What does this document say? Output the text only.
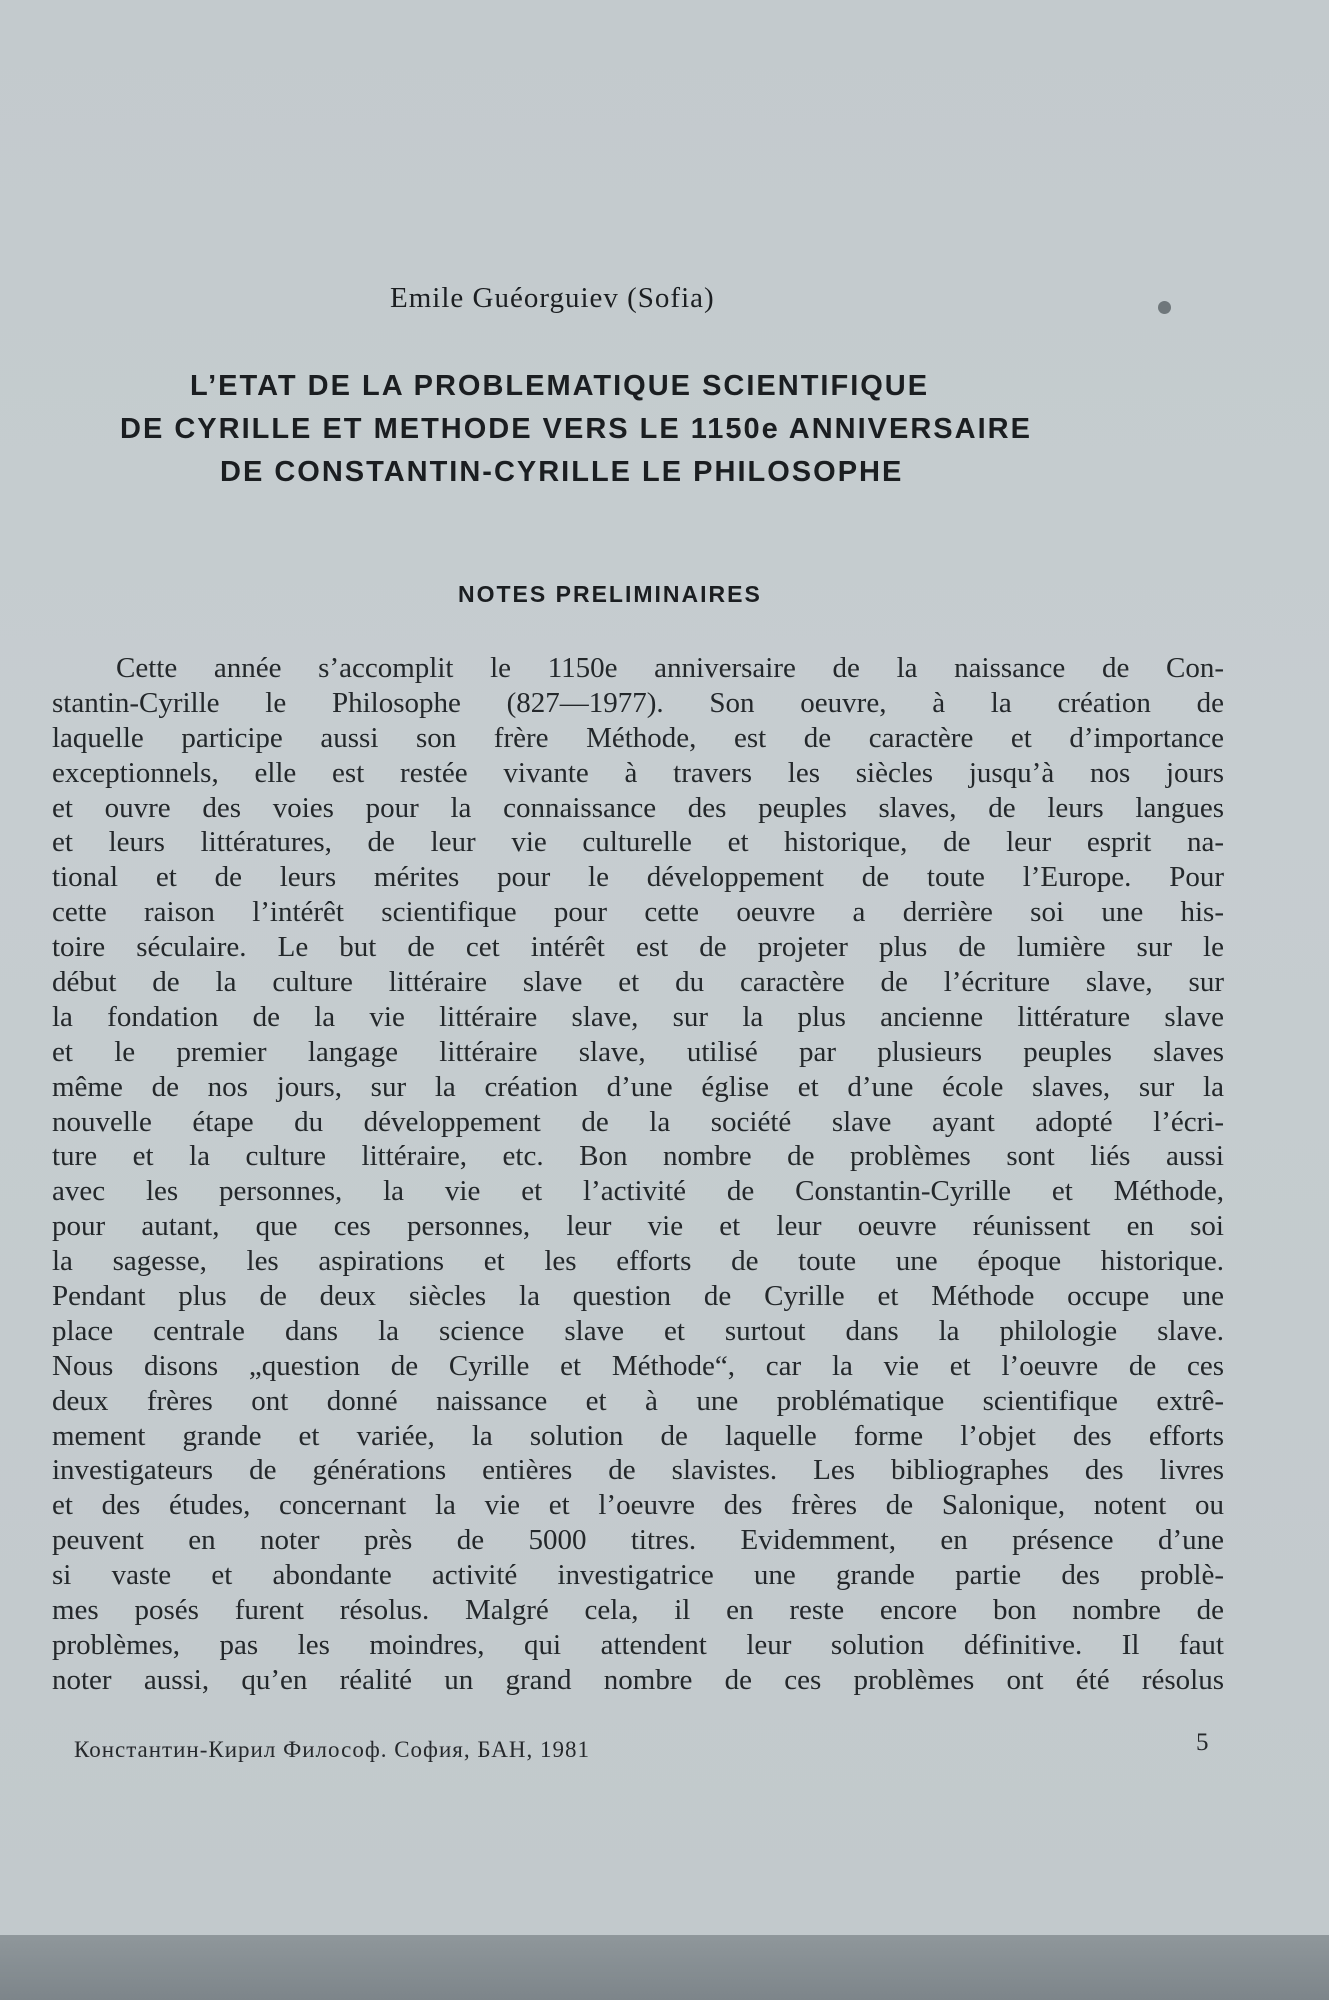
Emile Guéorguiev (Sofia)
L’ETAT DE LA PROBLEMATIQUE SCIENTIFIQUE
DE CYRILLE ET METHODE VERS LE 1150e ANNIVERSAIRE
DE CONSTANTIN-CYRILLE LE PHILOSOPHE
NOTES PRELIMINAIRES
Cette année s’accomplit le 1150e anniversaire de la naissance de Con-
stantin-Cyrille le Philosophe (827—1977). Son oeuvre, à la création de
laquelle participe aussi son frère Méthode, est de caractère et d’importance
exceptionnels, elle est restée vivante à travers les siècles jusqu’à nos jours
et ouvre des voies pour la connaissance des peuples slaves, de leurs langues
et leurs littératures, de leur vie culturelle et historique, de leur esprit na-
tional et de leurs mérites pour le développement de toute l’Europe. Pour
cette raison l’intérêt scientifique pour cette oeuvre a derrière soi une his-
toire séculaire. Le but de cet intérêt est de projeter plus de lumière sur le
début de la culture littéraire slave et du caractère de l’écriture slave, sur
la fondation de la vie littéraire slave, sur la plus ancienne littérature slave
et le premier langage littéraire slave, utilisé par plusieurs peuples slaves
même de nos jours, sur la création d’une église et d’une école slaves, sur la
nouvelle étape du développement de la société slave ayant adopté l’écri-
ture et la culture littéraire, etc. Bon nombre de problèmes sont liés aussi
avec les personnes, la vie et l’activité de Constantin-Cyrille et Méthode,
pour autant, que ces personnes, leur vie et leur oeuvre réunissent en soi
la sagesse, les aspirations et les efforts de toute une époque historique.
Pendant plus de deux siècles la question de Cyrille et Méthode occupe une
place centrale dans la science slave et surtout dans la philologie slave.
Nous disons „question de Cyrille et Méthode“, car la vie et l’oeuvre de ces
deux frères ont donné naissance et à une problématique scientifique extrê-
mement grande et variée, la solution de laquelle forme l’objet des efforts
investigateurs de générations entières de slavistes. Les bibliographes des livres
et des études, concernant la vie et l’oeuvre des frères de Salonique, notent ou
peuvent en noter près de 5000 titres. Evidemment, en présence d’une
si vaste et abondante activité investigatrice une grande partie des problè-
mes posés furent résolus. Malgré cela, il en reste encore bon nombre de
problèmes, pas les moindres, qui attendent leur solution définitive. Il faut
noter aussi, qu’en réalité un grand nombre de ces problèmes ont été résolus
Константин-Кирил Философ. София, БАН, 1981	5
